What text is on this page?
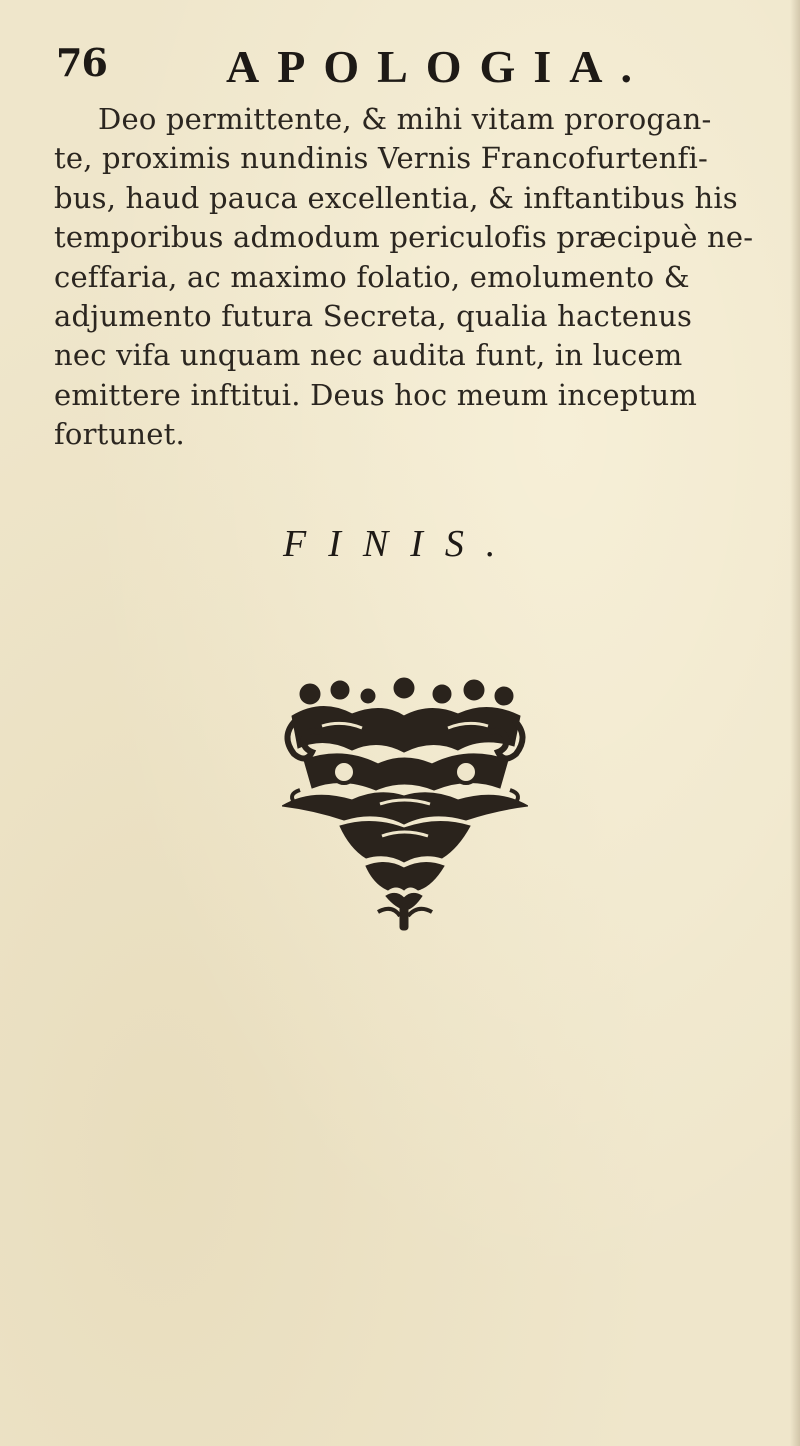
76	APOLOGIA.
Deo permittente, & mihi vitam prorogan-
te, proximis nundinis Vernis Francofurtenfi-
bus, haud pauca excellentia, & inftantibus his
temporibus admodum periculofis præcipuè ne-
ceffaria, ac maximo folatio, emolumento &
adjumento futura Secreta, qualia hactenus
nec vifa unquam nec audita funt, in lucem
emittere inftitui. Deus hoc meum inceptum
fortunet.
FINIS.
